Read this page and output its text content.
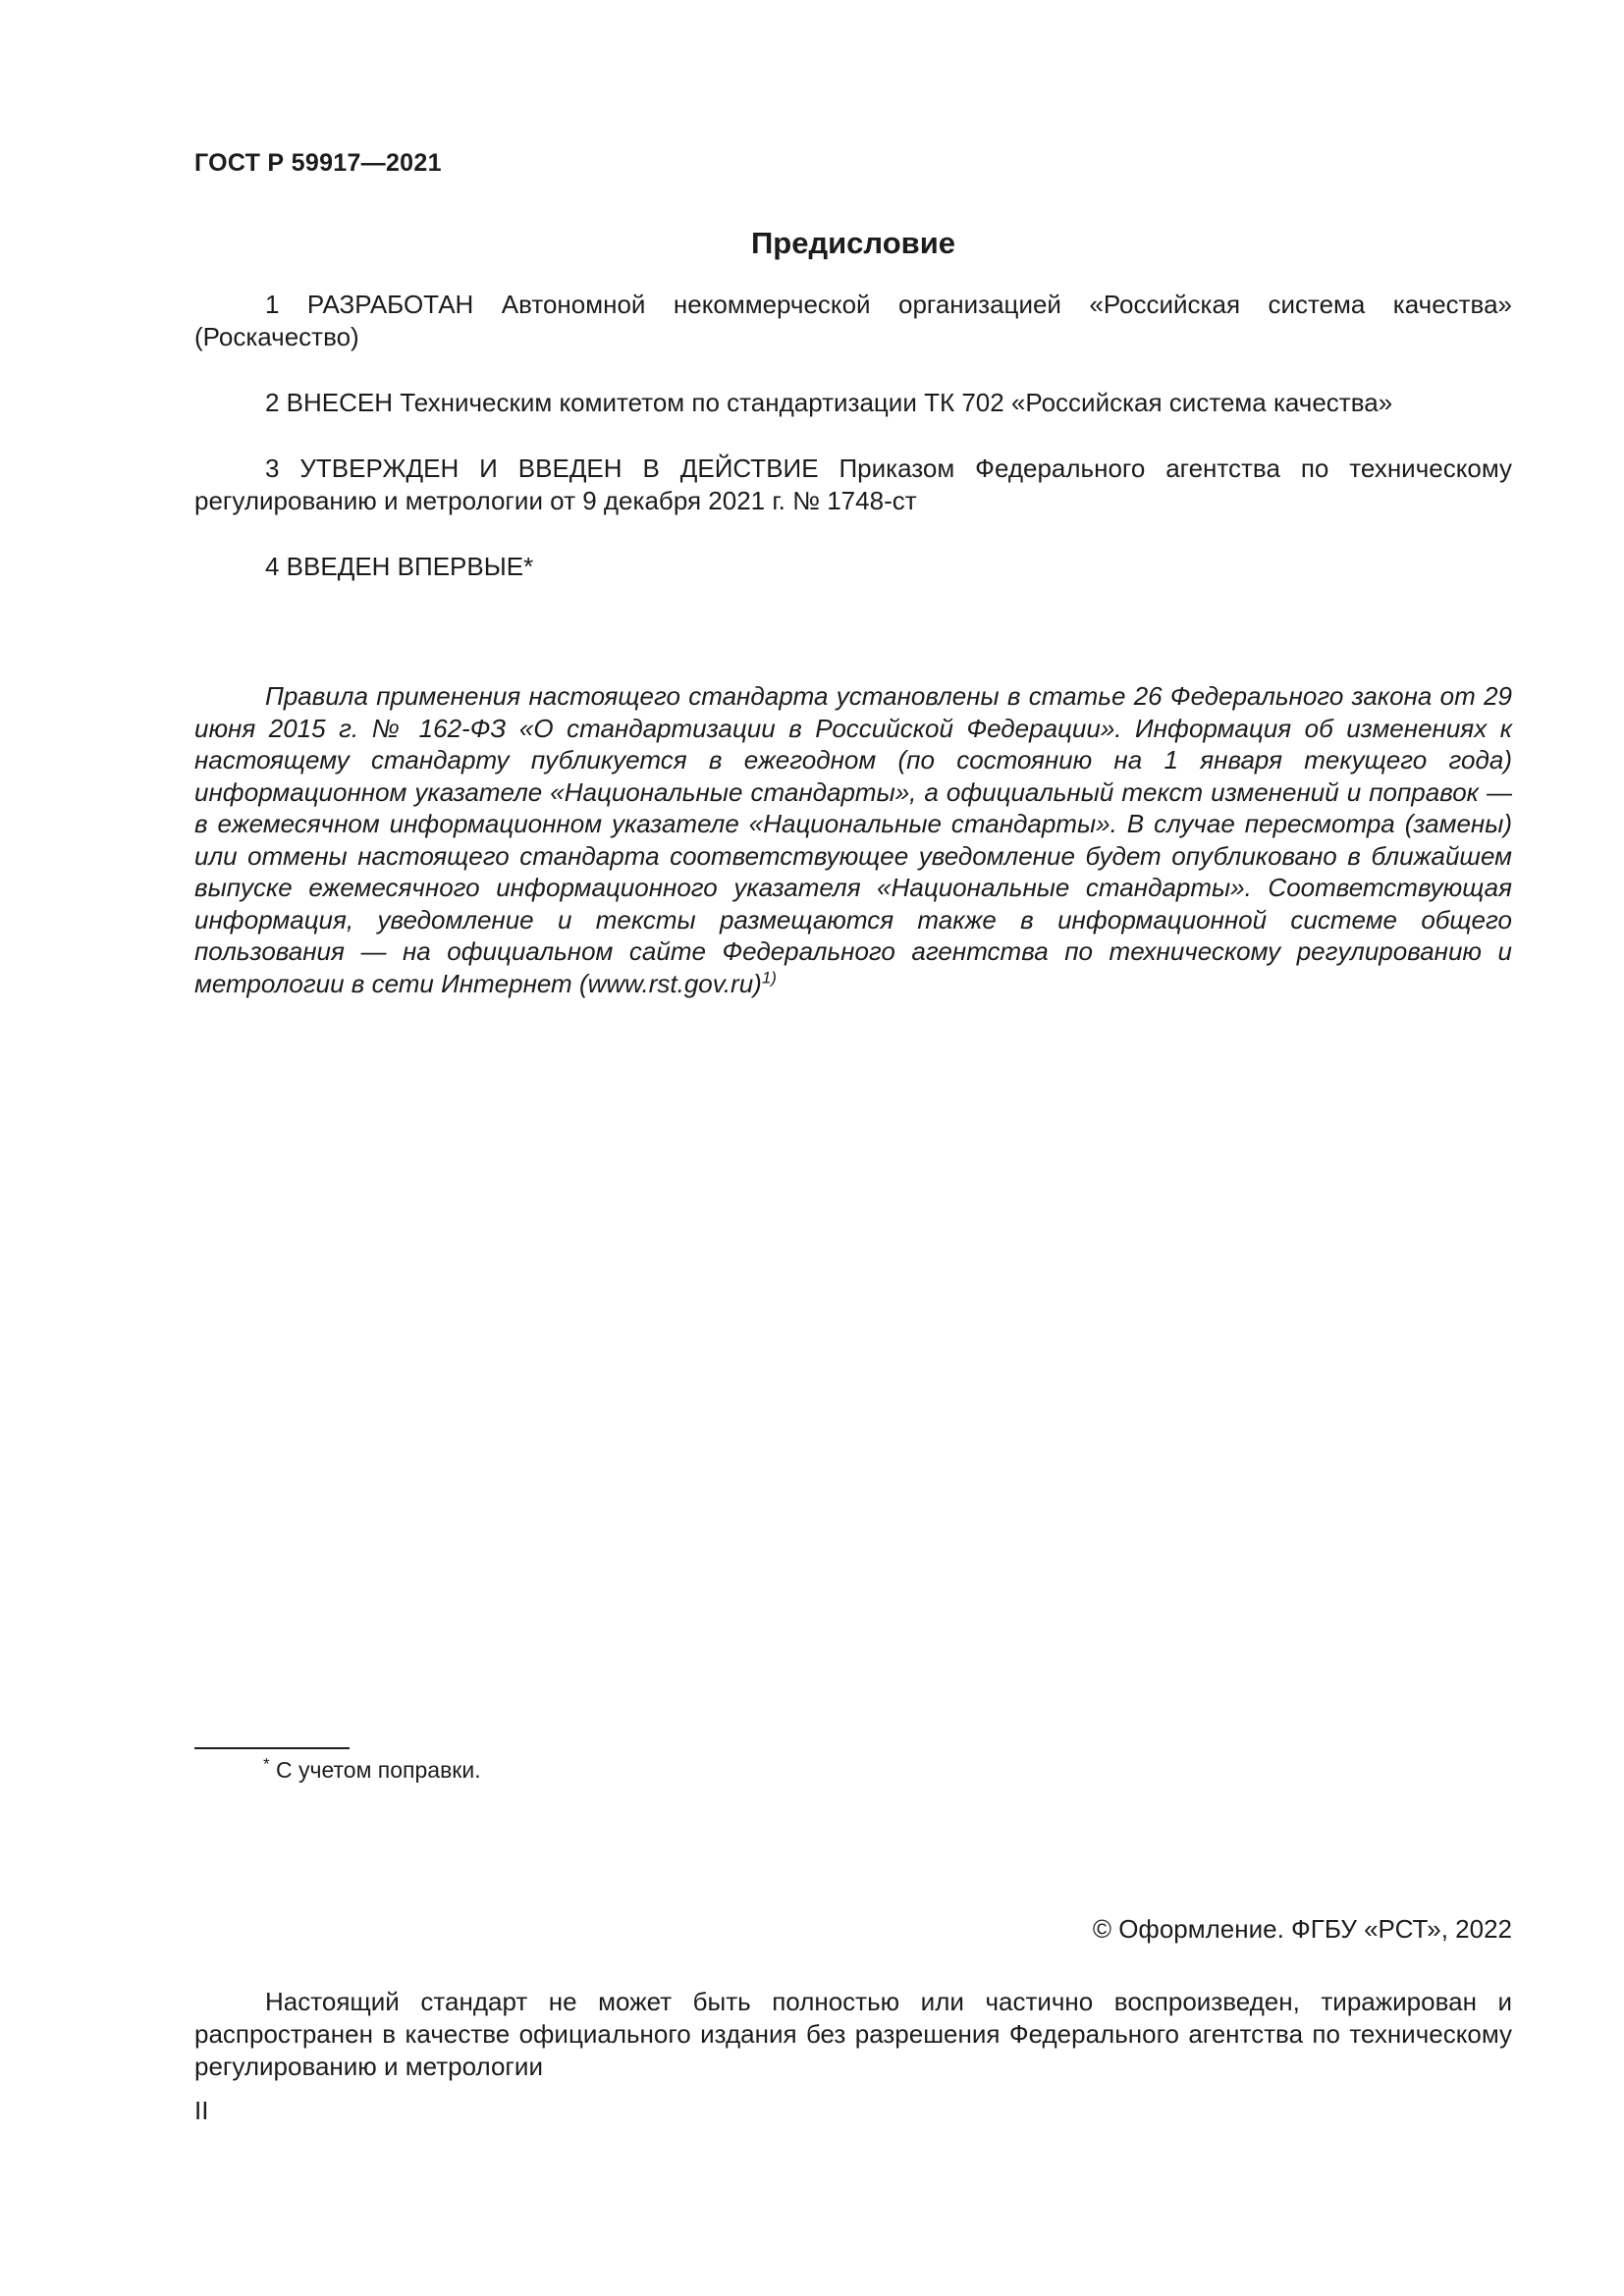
ГОСТ Р 59917—2021
Предисловие

1 РАЗРАБОТАН Автономной некоммерческой организацией «Российская система качества» (Роскачество)

2 ВНЕСЕН Техническим комитетом по стандартизации ТК 702 «Российская система качества»

3 УТВЕРЖДЕН И ВВЕДЕН В ДЕЙСТВИЕ Приказом Федерального агентства по техническому регулированию и метрологии от 9 декабря 2021 г. № 1748-ст

4 ВВЕДЕН ВПЕРВЫЕ*

Правила применения настоящего стандарта установлены в статье 26 Федерального закона от 29 июня 2015 г. № 162-ФЗ «О стандартизации в Российской Федерации». Информация об изменениях к настоящему стандарту публикуется в ежегодном (по состоянию на 1 января текущего года) информационном указателе «Национальные стандарты», а официальный текст изменений и поправок — в ежемесячном информационном указателе «Национальные стандарты». В случае пересмотра (замены) или отмены настоящего стандарта соответствующее уведомление будет опубликовано в ближайшем выпуске ежемесячного информационного указателя «Национальные стандарты». Соответствующая информация, уведомление и тексты размещаются также в информационной системе общего пользования — на официальном сайте Федерального агентства по техническому регулированию и метрологии в сети Интернет $(www.rst.gov.ru)^{1)}$

* С учетом поправки.
© Оформление. ФГБУ «РСТ», 2022

Настоящий стандарт не может быть полностью или частично воспроизведен, тиражирован и распространен в качестве официального издания без разрешения Федерального агентства по техническому регулированию и метрологии

II
